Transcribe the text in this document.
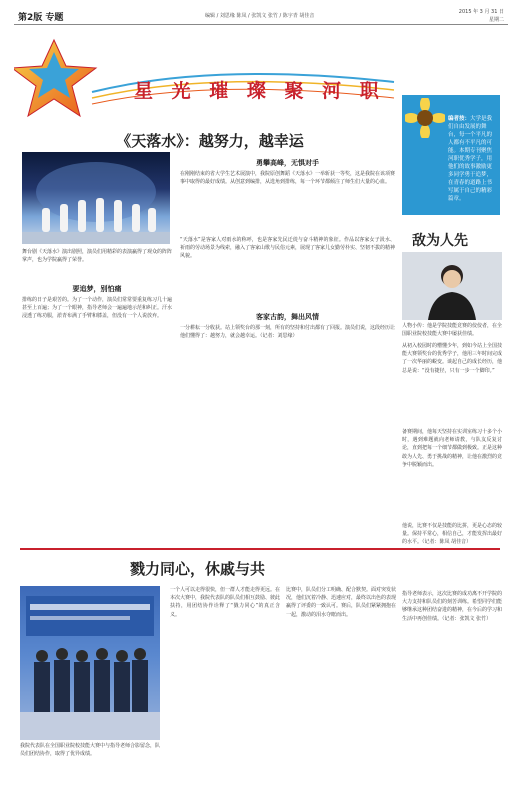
第2版 专题	编辑 / 刘思缘 陈凤 / 张凯文 张竹 / 陈宇青 胡佳音
2015 年 3 月 31 日
星期二
星 光 璀 璨 聚 河 职
编者按：大学是我们自由发展的舞台，每一个平凡的人都有不平凡的可能。本期专刊聚焦河职优秀学子，用他们的故事激励更多同学勇于追梦，在青春的道路上书写属于自己的精彩篇章。
《天落水》：越努力，越幸运
舞台剧《天落水》演出剧照，演员们用精彩的表演赢得了观众的阵阵掌声，也为学院赢得了荣誉。
要追梦，别怕痛
排练的日子是艰苦的。为了一个动作，演员们常常要重复练习几十遍甚至上百遍；为了一个眼神，指导老师会一遍遍地示范和纠正。汗水浸透了练功服，淤青布满了手臂和膝盖，但没有一个人说放弃。
勇攀高峰，无惧对手
在刚刚结束的省大学生艺术展演中，我院原创舞蹈《天落水》一举斩获一等奖，这是我院在该项赛事中取得的最好成绩。从创意到编排，从选角到排练，每一个环节都倾注了师生们大量的心血。
“天落水”是客家人对雨水的称呼，也是客家先民迁徙与奋斗精神的象征。作品以客家女子汲水、祈雨的劳动场景为线索，融入了客家山歌与民俗元素，展现了客家儿女勤劳朴实、坚韧不拔的精神风貌。
客家古韵，舞出风情
一分耕耘一分收获。站上领奖台的那一刻，所有的坚持和付出都有了回报。演员们说，这段经历让他们懂得了：越努力，就会越幸运。（记者：刘思缘）
敌为人先
人物小传：他是学院技能竞赛的佼佼者，在全国职业院校技能大赛中屡获佳绩。
从初入校园时的懵懂少年，到如今站上全国技能大赛领奖台的优秀学子，他用三年时间完成了一次华丽的蜕变。谈起自己的成长经历，他总是说：“没有捷径，只有一步一个脚印。”
备赛期间，他每天坚持在实训室练习十多个小时，遇到难题就向老师请教，与队友反复讨论，直到把每一个细节都做到极致。正是这种敢为人先、勇于挑战的精神，让他在激烈的竞争中脱颖而出。
他说，比赛不仅是技能的比拼，更是心态的较量。保持平常心，相信自己，才能发挥出最好的水平。（记者：陈凤 胡佳音）
戮力同心，休戚与共
我院代表队在全国职业院校技能大赛中与指导老师合影留念，队员们团结协作，取得了优异成绩。
一个人可以走得很快，但一群人才能走得更远。在本次大赛中，我院代表队的队员们相互鼓励、彼此扶持，用团结协作诠释了“戮力同心”的真正含义。
比赛中，队员们分工明确、配合默契。面对突发状况，他们沉着冷静、迅速应对，最终以出色的表现赢得了评委的一致认可。赛后，队员们紧紧拥抱在一起，激动的泪水夺眶而出。
指导老师表示，这次比赛的成功离不开学院的大力支持和队员们的刻苦训练。希望同学们能够继承这种团结奋进的精神，在今后的学习和生活中再创佳绩。（记者：张凯文 张竹）
